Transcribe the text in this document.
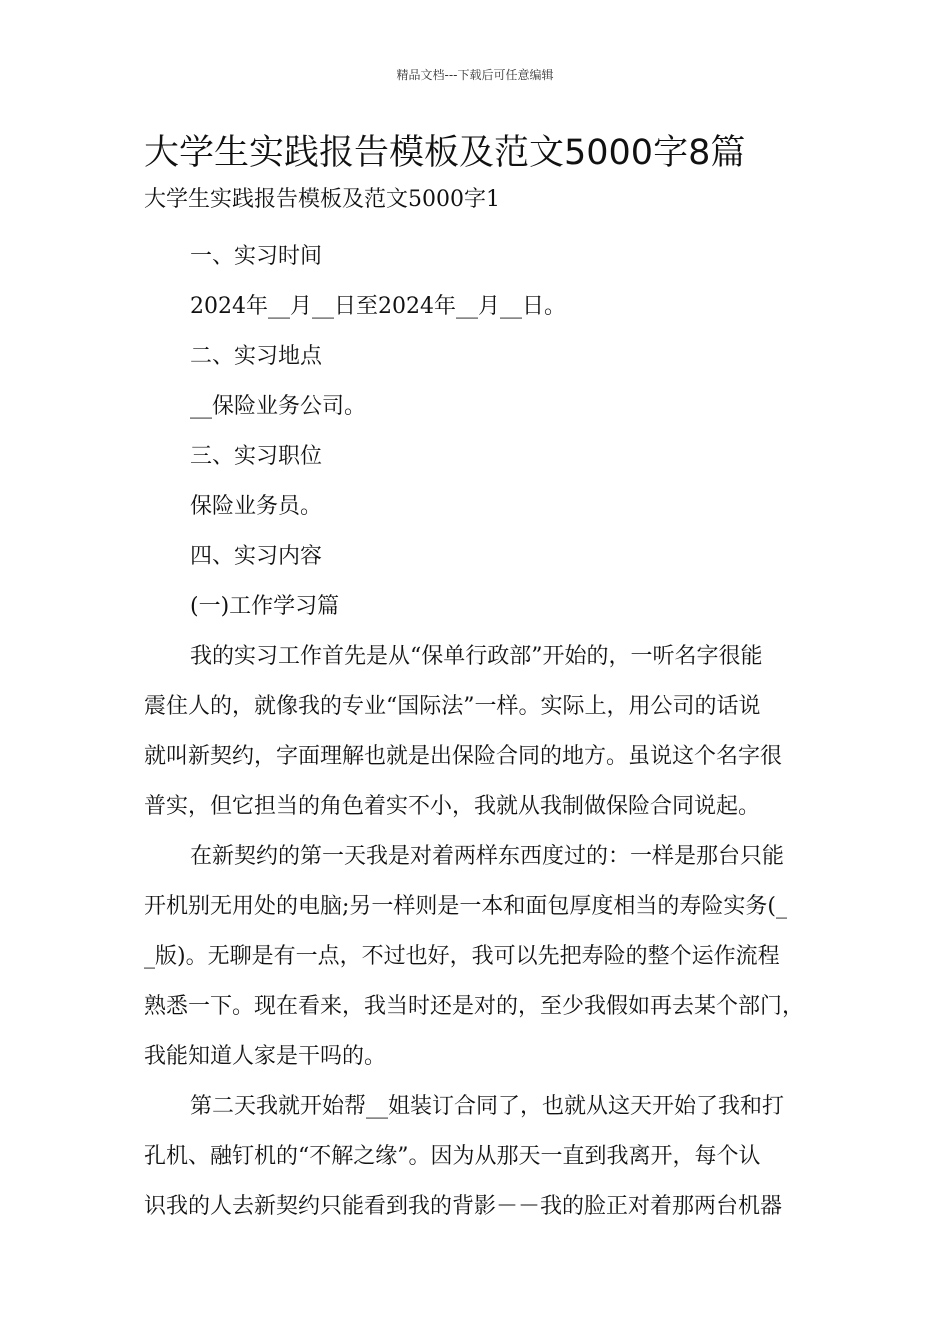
精品文档---下载后可任意编辑
大学生实践报告模板及范文5000字8篇
大学生实践报告模板及范文5000字1

一、实习时间

2024年__月__日至2024年__月__日。

二、实习地点

__保险业务公司。

三、实习职位

保险业务员。

四、实习内容

(一)工作学习篇

我的实习工作首先是从“保单行政部”开始的，一听名字很能

震住人的，就像我的专业“国际法”一样。实际上，用公司的话说

就叫新契约，字面理解也就是出保险合同的地方。虽说这个名字很

普实，但它担当的角色着实不小，我就从我制做保险合同说起。

在新契约的第一天我是对着两样东西度过的：一样是那台只能

开机别无用处的电脑;另一样则是一本和面包厚度相当的寿险实务(_

_版)。无聊是有一点，不过也好，我可以先把寿险的整个运作流程

熟悉一下。现在看来，我当时还是对的，至少我假如再去某个部门，

我能知道人家是干吗的。

第二天我就开始帮__姐装订合同了，也就从这天开始了我和打

孔机、融钉机的“不解之缘”。因为从那天一直到我离开，每个认

识我的人去新契约只能看到我的背影－－我的脸正对着那两台机器
